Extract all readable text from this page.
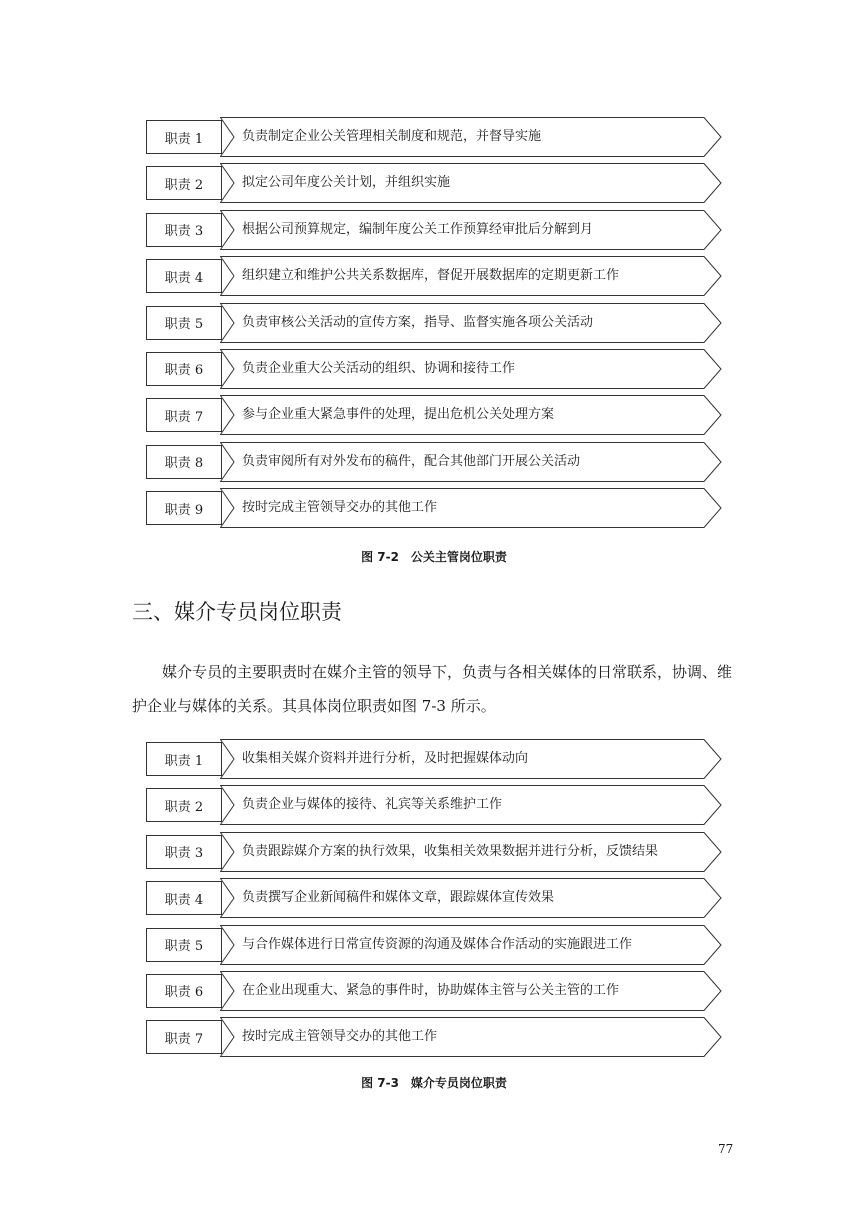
职责 1	负责制定企业公关管理相关制度和规范，并督导实施
职责 2	拟定公司年度公关计划，并组织实施
职责 3	根据公司预算规定，编制年度公关工作预算经审批后分解到月
职责 4	组织建立和维护公共关系数据库，督促开展数据库的定期更新工作
职责 5	负责审核公关活动的宣传方案，指导、监督实施各项公关活动
职责 6	负责企业重大公关活动的组织、协调和接待工作
职责 7	参与企业重大紧急事件的处理，提出危机公关处理方案
职责 8	负责审阅所有对外发布的稿件，配合其他部门开展公关活动
职责 9	按时完成主管领导交办的其他工作
图 7-2　公关主管岗位职责
三、媒介专员岗位职责
媒介专员的主要职责时在媒介主管的领导下，负责与各相关媒体的日常联系，协调、维
护企业与媒体的关系。其具体岗位职责如图 7-3 所示。
职责 1	收集相关媒介资料并进行分析，及时把握媒体动向
职责 2	负责企业与媒体的接待、礼宾等关系维护工作
职责 3	负责跟踪媒介方案的执行效果，收集相关效果数据并进行分析，反馈结果
职责 4	负责撰写企业新闻稿件和媒体文章，跟踪媒体宣传效果
职责 5	与合作媒体进行日常宣传资源的沟通及媒体合作活动的实施跟进工作
职责 6	在企业出现重大、紧急的事件时，协助媒体主管与公关主管的工作
职责 7	按时完成主管领导交办的其他工作
图 7-3　媒介专员岗位职责
77
